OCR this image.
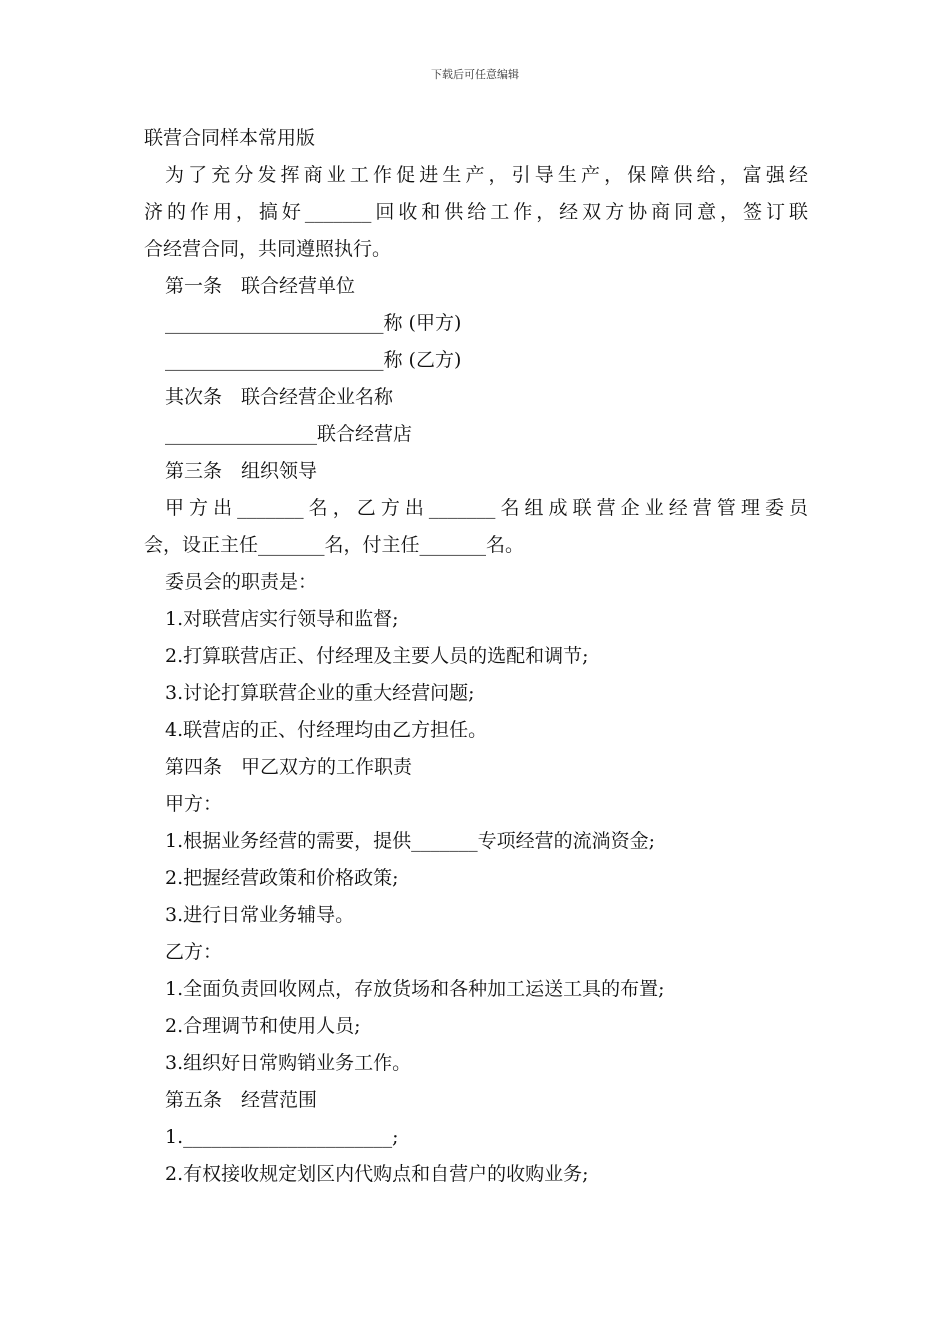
下载后可任意编辑
联营合同样本常用版
为了充分发挥商业工作促进生产，引导生产，保障供给，富强经
济的作用，搞好_______回收和供给工作，经双方协商同意，签订联
合经营合同，共同遵照执行。
第一条　联合经营单位
_______________________称 (甲方)
_______________________称 (乙方)
其次条　联合经营企业名称
________________联合经营店
第三条　组织领导
甲方出_______名，乙方出_______名组成联营企业经营管理委员
会，设正主任_______名，付主任_______名。
委员会的职责是：
1.对联营店实行领导和监督;
2.打算联营店正、付经理及主要人员的选配和调节;
3.讨论打算联营企业的重大经营问题;
4.联营店的正、付经理均由乙方担任。
第四条　甲乙双方的工作职责
甲方：
1.根据业务经营的需要，提供_______专项经营的流淌资金;
2.把握经营政策和价格政策;
3.进行日常业务辅导。
乙方：
1.全面负责回收网点，存放货场和各种加工运送工具的布置;
2.合理调节和使用人员;
3.组织好日常购销业务工作。
第五条　经营范围
1.______________________;
2.有权接收规定划区内代购点和自营户的收购业务;
